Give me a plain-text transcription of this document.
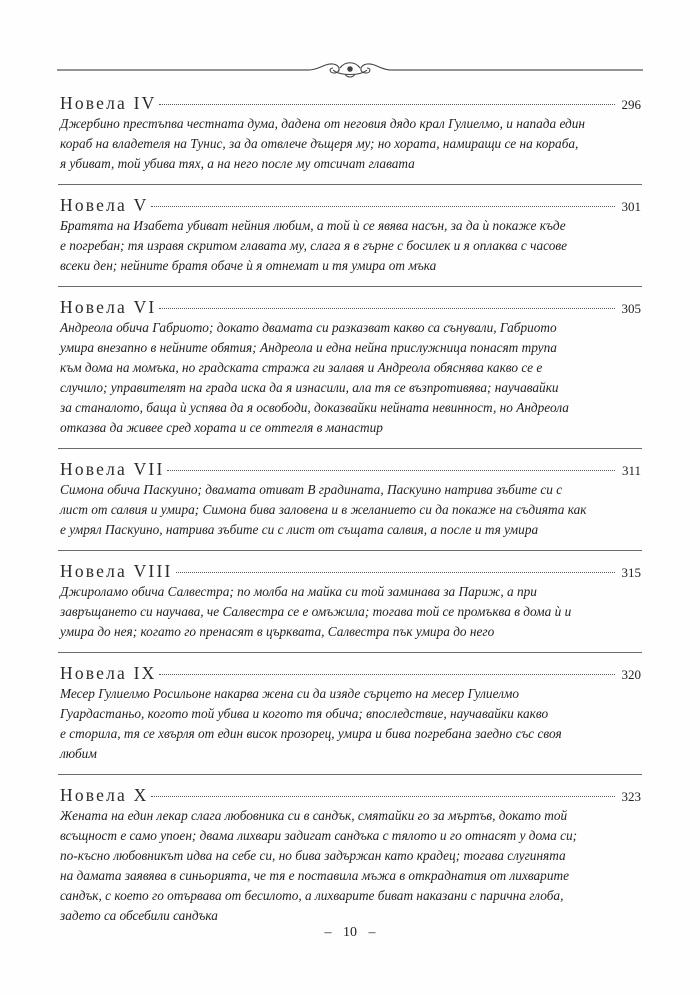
Новела IV	296

Джербино престъпва честната дума, дадена от неговия дядо крал Гулиелмо, и напада един
кораб на владетеля на Тунис, за да отвлече дъщеря му; но хората, намиращи се на кораба,
я убиват, той убива тях, а на него после му отсичат главата

Новела V	301

Братята на Изабета убиват нейния любим, а той ѝ се явява насън, за да ѝ покаже къде
е погребан; тя изравя скритом главата му, слага я в гърне с босилек и я оплаква с часове
всеки ден; нейните братя обаче ѝ я отнемат и тя умира от мъка

Новела VI	305

Андреола обича Габриото; докато двамата си разказват какво са сънували, Габриото
умира внезапно в нейните обятия; Андреола и една нейна прислужница понасят трупа
към дома на момъка, но градската стража ги залавя и Андреола обяснява какво се е
случило; управителят на града иска да я изнасили, ала тя се възпротивява; научавайки
за станалото, баща ѝ успява да я освободи, доказвайки нейната невинност, но Андреола
отказва да живее сред хората и се оттегля в манастир

Новела VII	311

Симона обича Паскуино; двамата отиват В градината, Паскуино натрива зъбите си с
лист от салвия и умира; Симона бива заловена и в желанието си да покаже на съдията как
е умрял Паскуино, натрива зъбите си с лист от същата салвия, а после и тя умира

Новела VIII	315

Джироламо обича Салвестра; по молба на майка си той заминава за Париж, а при
завръщането си научава, че Салвестра се е омъжила; тогава той се промъква в дома ѝ и
умира до нея; когато го пренасят в църквата, Салвестра пък умира до него

Новела IX	320

Месер Гулиелмо Росильоне накарва жена си да изяде сърцето на месер Гулиелмо
Гуардастаньо, когото той убива и когото тя обича; впоследствие, научавайки какво
е сторила, тя се хвърля от един висок прозорец, умира и бива погребана заедно със своя
любим

Новела X	323

Жената на един лекар слага любовника си в сандък, смятайки го за мъртъв, докато той
всъщност е само упоен; двама лихвари задигат сандъка с тялото и го отнасят у дома си;
по-късно любовникът идва на себе си, но бива задържан като крадец; тогава слугинята
на дамата заявява в синьорията, че тя е поставила мъжа в откраднатия от лихварите
сандък, с което го отървава от бесилото, а лихварите биват наказани с парична глоба,
задето са обсебили сандъка

– 10 –
